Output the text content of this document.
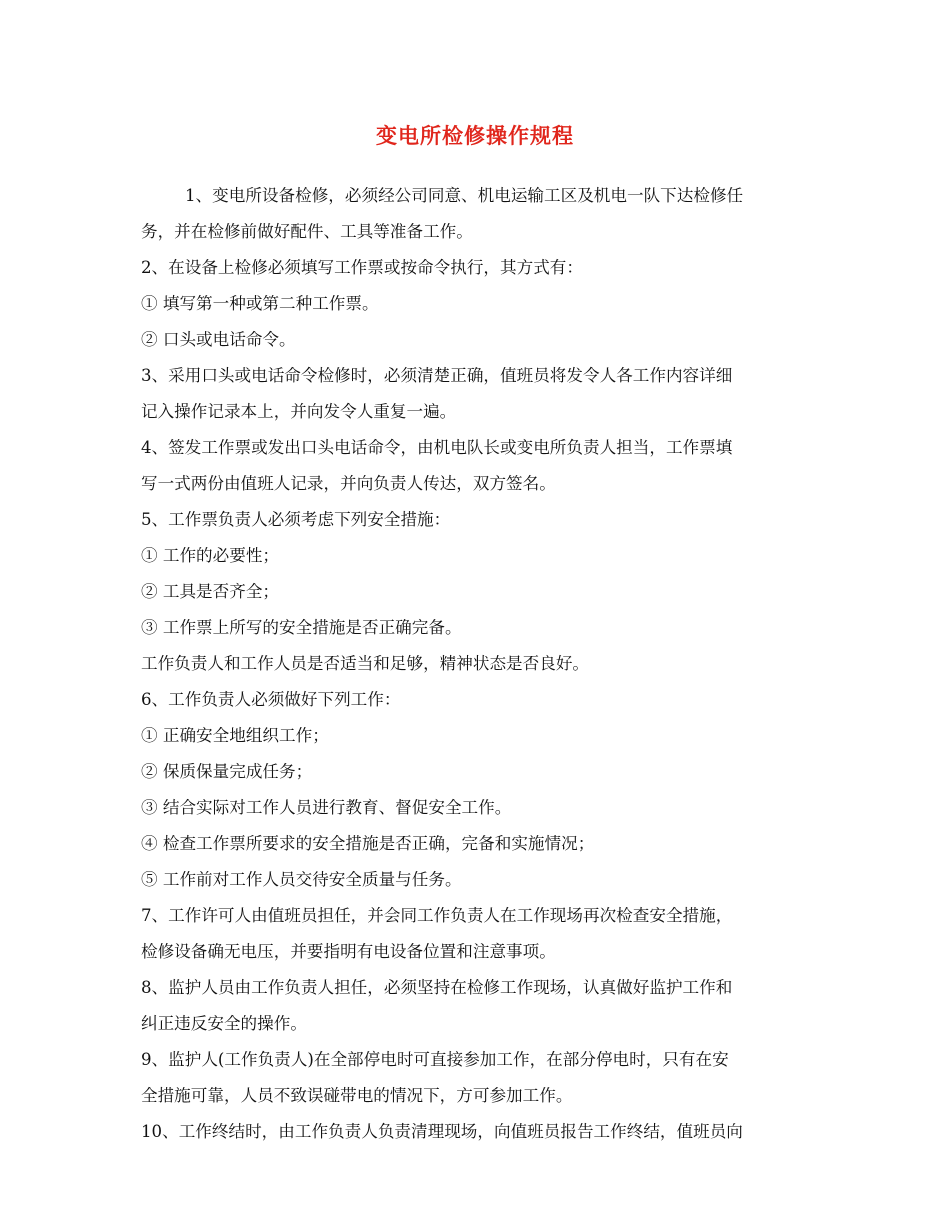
变电所检修操作规程
1、变电所设备检修，必须经公司同意、机电运输工区及机电一队下达检修任
务，并在检修前做好配件、工具等准备工作。
2、在设备上检修必须填写工作票或按命令执行，其方式有：
① 填写第一种或第二种工作票。
② 口头或电话命令。
3、采用口头或电话命令检修时，必须清楚正确，值班员将发令人各工作内容详细
记入操作记录本上，并向发令人重复一遍。
4、签发工作票或发出口头电话命令，由机电队长或变电所负责人担当，工作票填
写一式两份由值班人记录，并向负责人传达，双方签名。
5、工作票负责人必须考虑下列安全措施：
① 工作的必要性；
② 工具是否齐全；
③ 工作票上所写的安全措施是否正确完备。
工作负责人和工作人员是否适当和足够，精神状态是否良好。
6、工作负责人必须做好下列工作：
① 正确安全地组织工作；
② 保质保量完成任务；
③ 结合实际对工作人员进行教育、督促安全工作。
④ 检查工作票所要求的安全措施是否正确，完备和实施情况；
⑤ 工作前对工作人员交待安全质量与任务。
7、工作许可人由值班员担任，并会同工作负责人在工作现场再次检查安全措施，
检修设备确无电压，并要指明有电设备位置和注意事项。
8、监护人员由工作负责人担任，必须坚持在检修工作现场，认真做好监护工作和
纠正违反安全的操作。
9、监护人(工作负责人)在全部停电时可直接参加工作，在部分停电时，只有在安
全措施可靠，人员不致误碰带电的情况下，方可参加工作。
10、工作终结时，由工作负责人负责清理现场，向值班员报告工作终结，值班员向
